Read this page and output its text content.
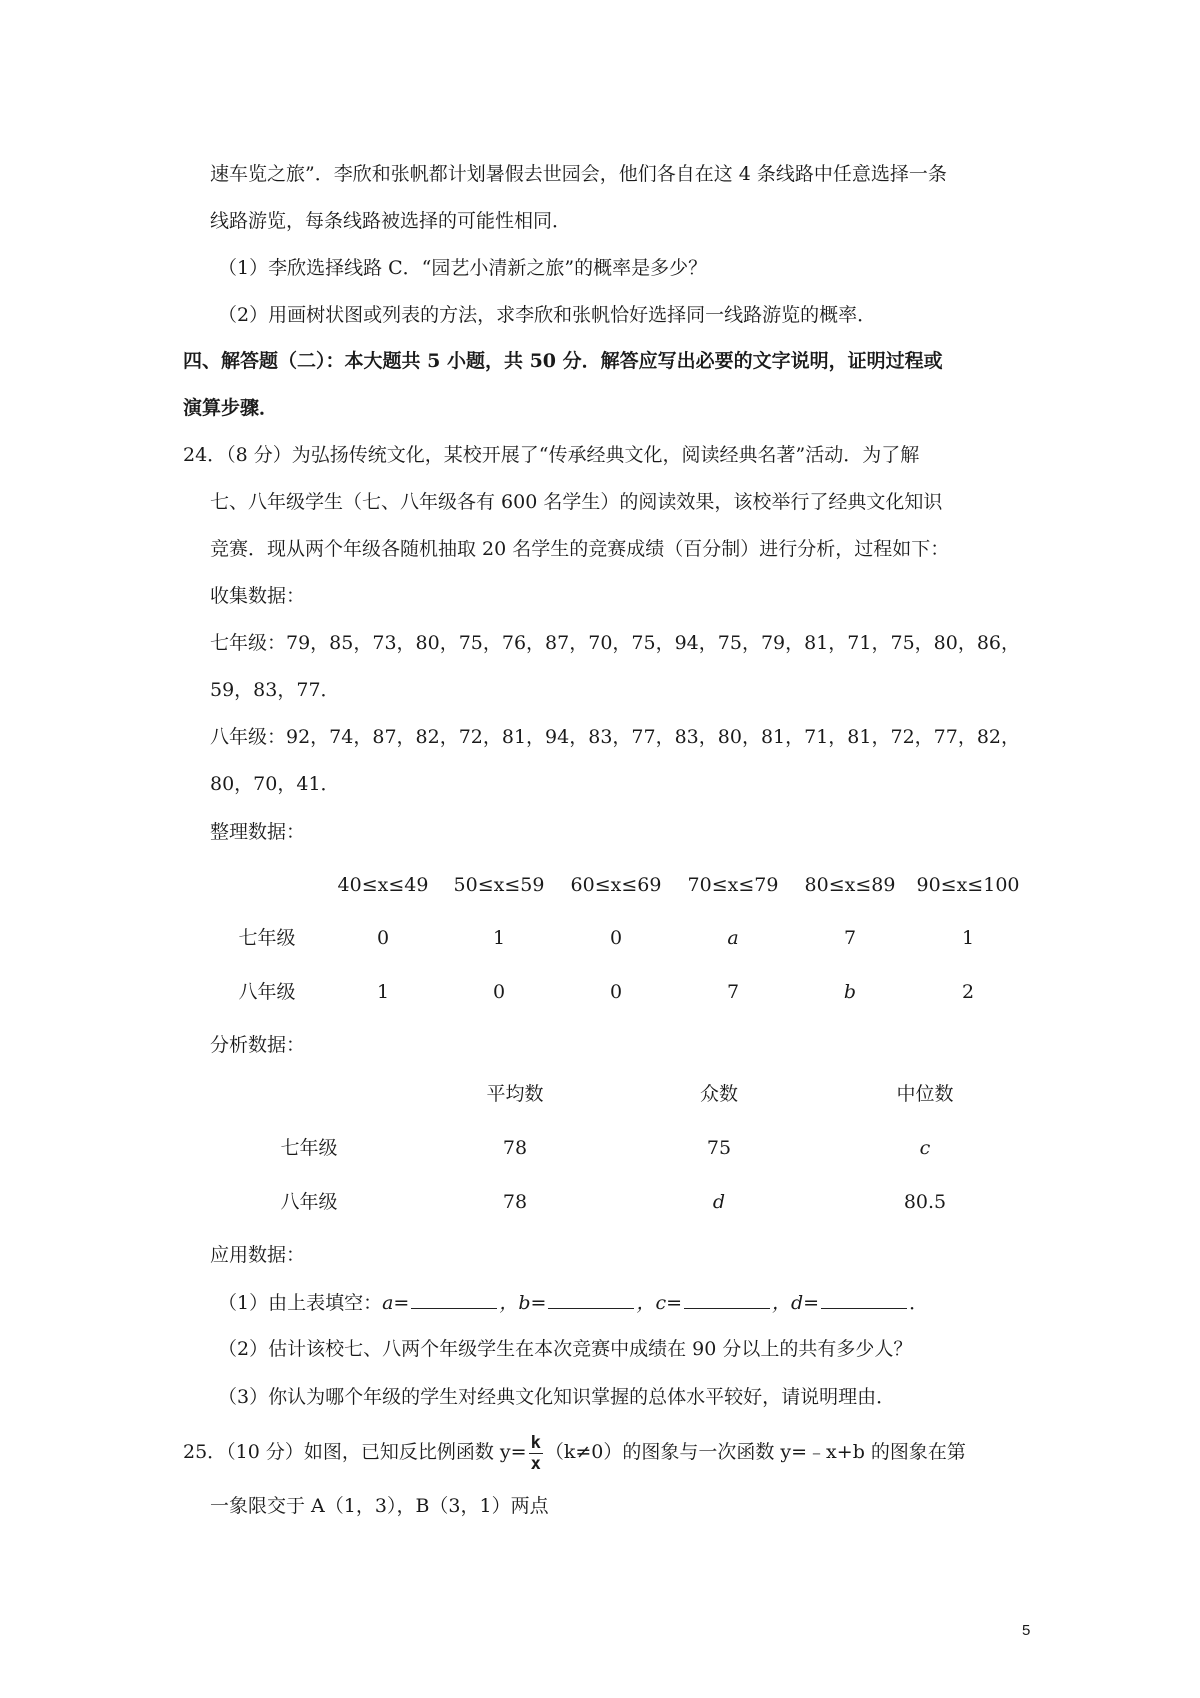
速车览之旅”．李欣和张帆都计划暑假去世园会，他们各自在这 4 条线路中任意选择一条
线路游览，每条线路被选择的可能性相同．
（1）李欣选择线路 C．“园艺小清新之旅”的概率是多少？
（2）用画树状图或列表的方法，求李欣和张帆恰好选择同一线路游览的概率．
四、解答题（二）：本大题共 5 小题，共 50 分．解答应写出必要的文字说明，证明过程或
演算步骤．
24．（8 分）为弘扬传统文化，某校开展了“传承经典文化，阅读经典名著”活动．为了解
七、八年级学生（七、八年级各有 600 名学生）的阅读效果，该校举行了经典文化知识
竞赛．现从两个年级各随机抽取 20 名学生的竞赛成绩（百分制）进行分析，过程如下：
收集数据：
七年级：79，85，73，80，75，76，87，70，75，94，75，79，81，71，75，80，86，
59，83，77．
八年级：92，74，87，82，72，81，94，83，77，83，80，81，71，81，72，77，82，
80，70，41．
整理数据：
40≤x≤49 50≤x≤59 60≤x≤69 70≤x≤79 80≤x≤89 90≤x≤100
七年级	0	1	0	a	7	1
八年级	1	0	0	7	b	2
分析数据：
平均数	众数	中位数
七年级	78	75	c
八年级	78	d	80.5
应用数据：
（1）由上表填空：a=	，b=	，c=	，d=	．
（2）估计该校七、八两个年级学生在本次竞赛中成绩在 90 分以上的共有多少人？
（3）你认为哪个年级的学生对经典文化知识掌握的总体水平较好，请说明理由．
25．（10 分）如图，已知反比例函数 $y= \frac{k}{x} (k\ne 0)$的图象与一次函数 y=﹣x+b 的图象在第
一象限交于 A（1，3），B（3，1）两点
5
